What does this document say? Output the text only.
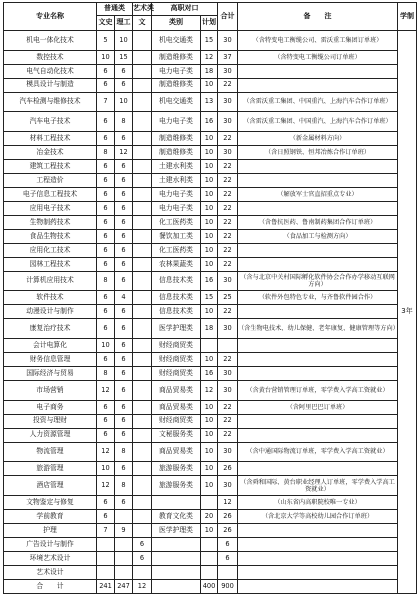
专业名称	普通类		艺术类	高职对口		合计	备　　注	学制
	文史	理工	文	类别	计划			
机电一体化技术	5	10		机电交通类	15	30	（含特变电工衡缆公司、雷沃重工集团订单班）	3年
数控技术	10	15		制造维修类	12	37	（含特变电工衡缆公司订单班）	
电气自动化技术	6	6		电力电子类	18	30		
模具设计与制造	6	6		制造维修类	10	22		
汽车检测与维修技术	7	10		机电交通类	13	30	（含雷沃重工集团、中国重汽、上海汽车合作订单班）	
汽车电子技术	6	8		电力电子类	16	30	（含雷沃重工集团、中国重汽、上海汽车合作订单班）	
材料工程技术	6	6		制造维修类	10	22	（新金属材料方向）	
冶金技术	8	12		制造维修类	10	30	（含日照钢铁、恒邦冶炼合作订单班）	
建筑工程技术	6	6		土建水利类	10	22		
工程造价	6	6		土建水利类	10	22		
电子信息工程技术	6	6		电力电子类	10	22	（解放军士官直招重点专业）	
应用电子技术	6	6		电力电子类	10	22		
生物制药技术	6	6		化工医药类	10	22	（含鲁抗医药、鲁南制药集团合作订单班）	
食品生物技术	6	6		餐饮加工类	10	22	（食品加工与检测方向）	
应用化工技术	6	6		化工医药类	10	22		
园林工程技术	6	6		农林果蔬类	10	22		
计算机应用技术	8	6		信息技术类	16	30	（含与北京中关村国际孵化软件协会合作办学移动互联网方向）	
软件技术	6	4		信息技术类	15	25	（软件外包特色专业，与齐鲁软件园合作）	
动漫设计与制作	6	6		信息技术类	10	22		
康复治疗技术	6	6		医学护理类	18	30	（含生物电技术、幼儿保健、老年康复、健康管理等方向）	
会计电算化	10	6		财经商贸类				
财务信息管理	6	6		财经商贸类	10	22		
国际经济与贸易	8	6		财经商贸类	16	30		
市场营销	12	6		商品贸易类	12	30	（含黄台营销管理订单班，零学费入学高工资就业）	
电子商务	6	6		商品贸易类	10	22	（含阿里巴巴订单班）	
投资与理财	6	6		财经商贸类	10	22		
人力资源管理	6	6		文秘服务类	10	22		
物流管理	12	8		商品贸易类	10	30	（含中通国际物流订单班，零学费入学高工资就业）	
旅游管理	10	6		旅游服务类	10	26		
酒店管理	12	8		旅游服务类	10	30	（含舜和国际、黄台职业经理人订单班，零学费入学高工资就业）	
文物鉴定与修复	6	6				12	（山东省内高职院校唯一专业）	
学前教育	6			教育文化类	20	26	（含北京大学等高校幼儿园合作订单班）	
护理	7	9		医学护理类	10	26		
广告设计与制作			6			6		
环境艺术设计			6			6		
艺术设计								
合　　计	241	247	12		400	900		
